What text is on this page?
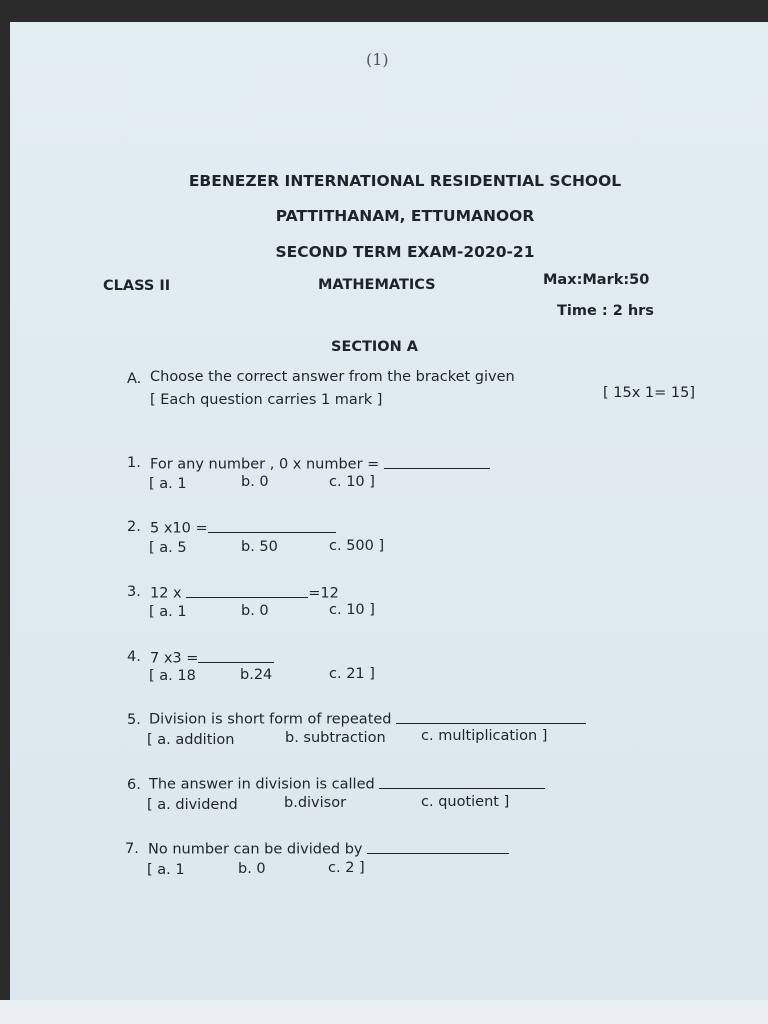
(1)
EBENEZER INTERNATIONAL RESIDENTIAL SCHOOL
PATTITHANAM, ETTUMANOOR
SECOND TERM EXAM-2020-21
CLASS II	MATHEMATICS	Max:Mark:50
Time : 2 hrs
SECTION A
A. Choose the correct answer from the bracket given
[ Each question carries 1 mark ]	[ 15x 1= 15]
1. For any number , 0 x number =
[ a. 1	b. 0	c. 10 ]
2. 5 x10 =
[ a. 5	b. 50	c. 500 ]
3. 12 x	=12
[ a. 1	b. 0	c. 10 ]
4. 7 x3 =
[ a. 18	b.24	c. 21 ]
5. Division is short form of repeated
[ a. addition	b. subtraction c. multiplication ]
6. The answer in division is called
[ a. dividend	b.divisor	c. quotient ]
7. No number can be divided by
[ a. 1	b. 0	c. 2 ]
